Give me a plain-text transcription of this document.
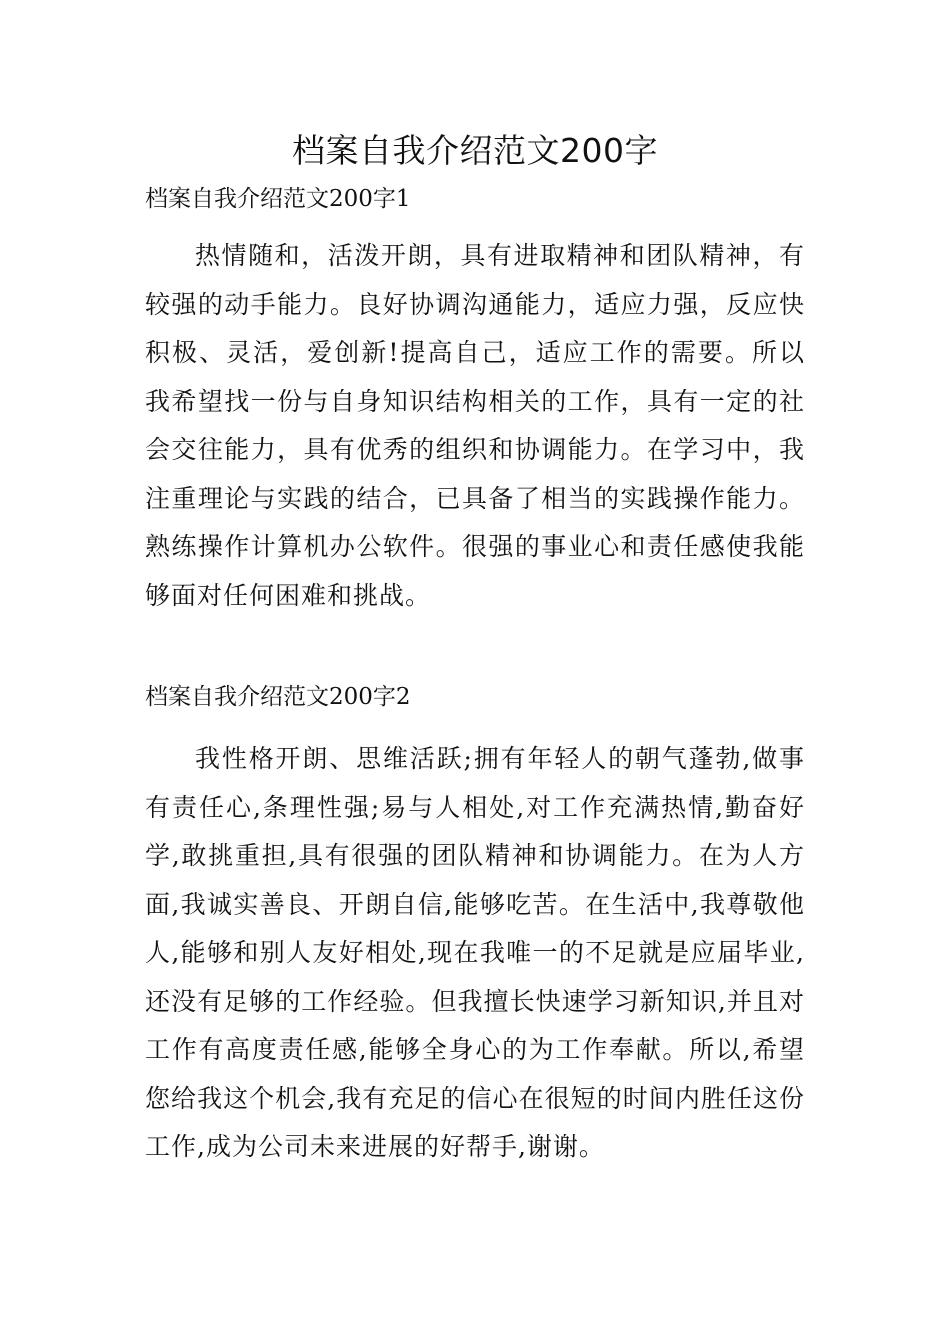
档案自我介绍范文200字
档案自我介绍范文200字1

热情随和，活泼开朗，具有进取精神和团队精神，有较强的动手能力。良好协调沟通能力，适应力强，反应快积极、灵活，爱创新!提高自己，适应工作的需要。所以我希望找一份与自身知识结构相关的工作，具有一定的社会交往能力，具有优秀的组织和协调能力。在学习中，我注重理论与实践的结合，已具备了相当的实践操作能力。熟练操作计算机办公软件。很强的事业心和责任感使我能够面对任何困难和挑战。

档案自我介绍范文200字2

我性格开朗、思维活跃;拥有年轻人的朝气蓬勃,做事有责任心,条理性强;易与人相处,对工作充满热情,勤奋好学,敢挑重担,具有很强的团队精神和协调能力。在为人方面,我诚实善良、开朗自信,能够吃苦。在生活中,我尊敬他人,能够和别人友好相处,现在我唯一的不足就是应届毕业,还没有足够的工作经验。但我擅长快速学习新知识,并且对工作有高度责任感,能够全身心的为工作奉献。所以,希望您给我这个机会,我有充足的信心在很短的时间内胜任这份工作,成为公司未来进展的好帮手,谢谢。
